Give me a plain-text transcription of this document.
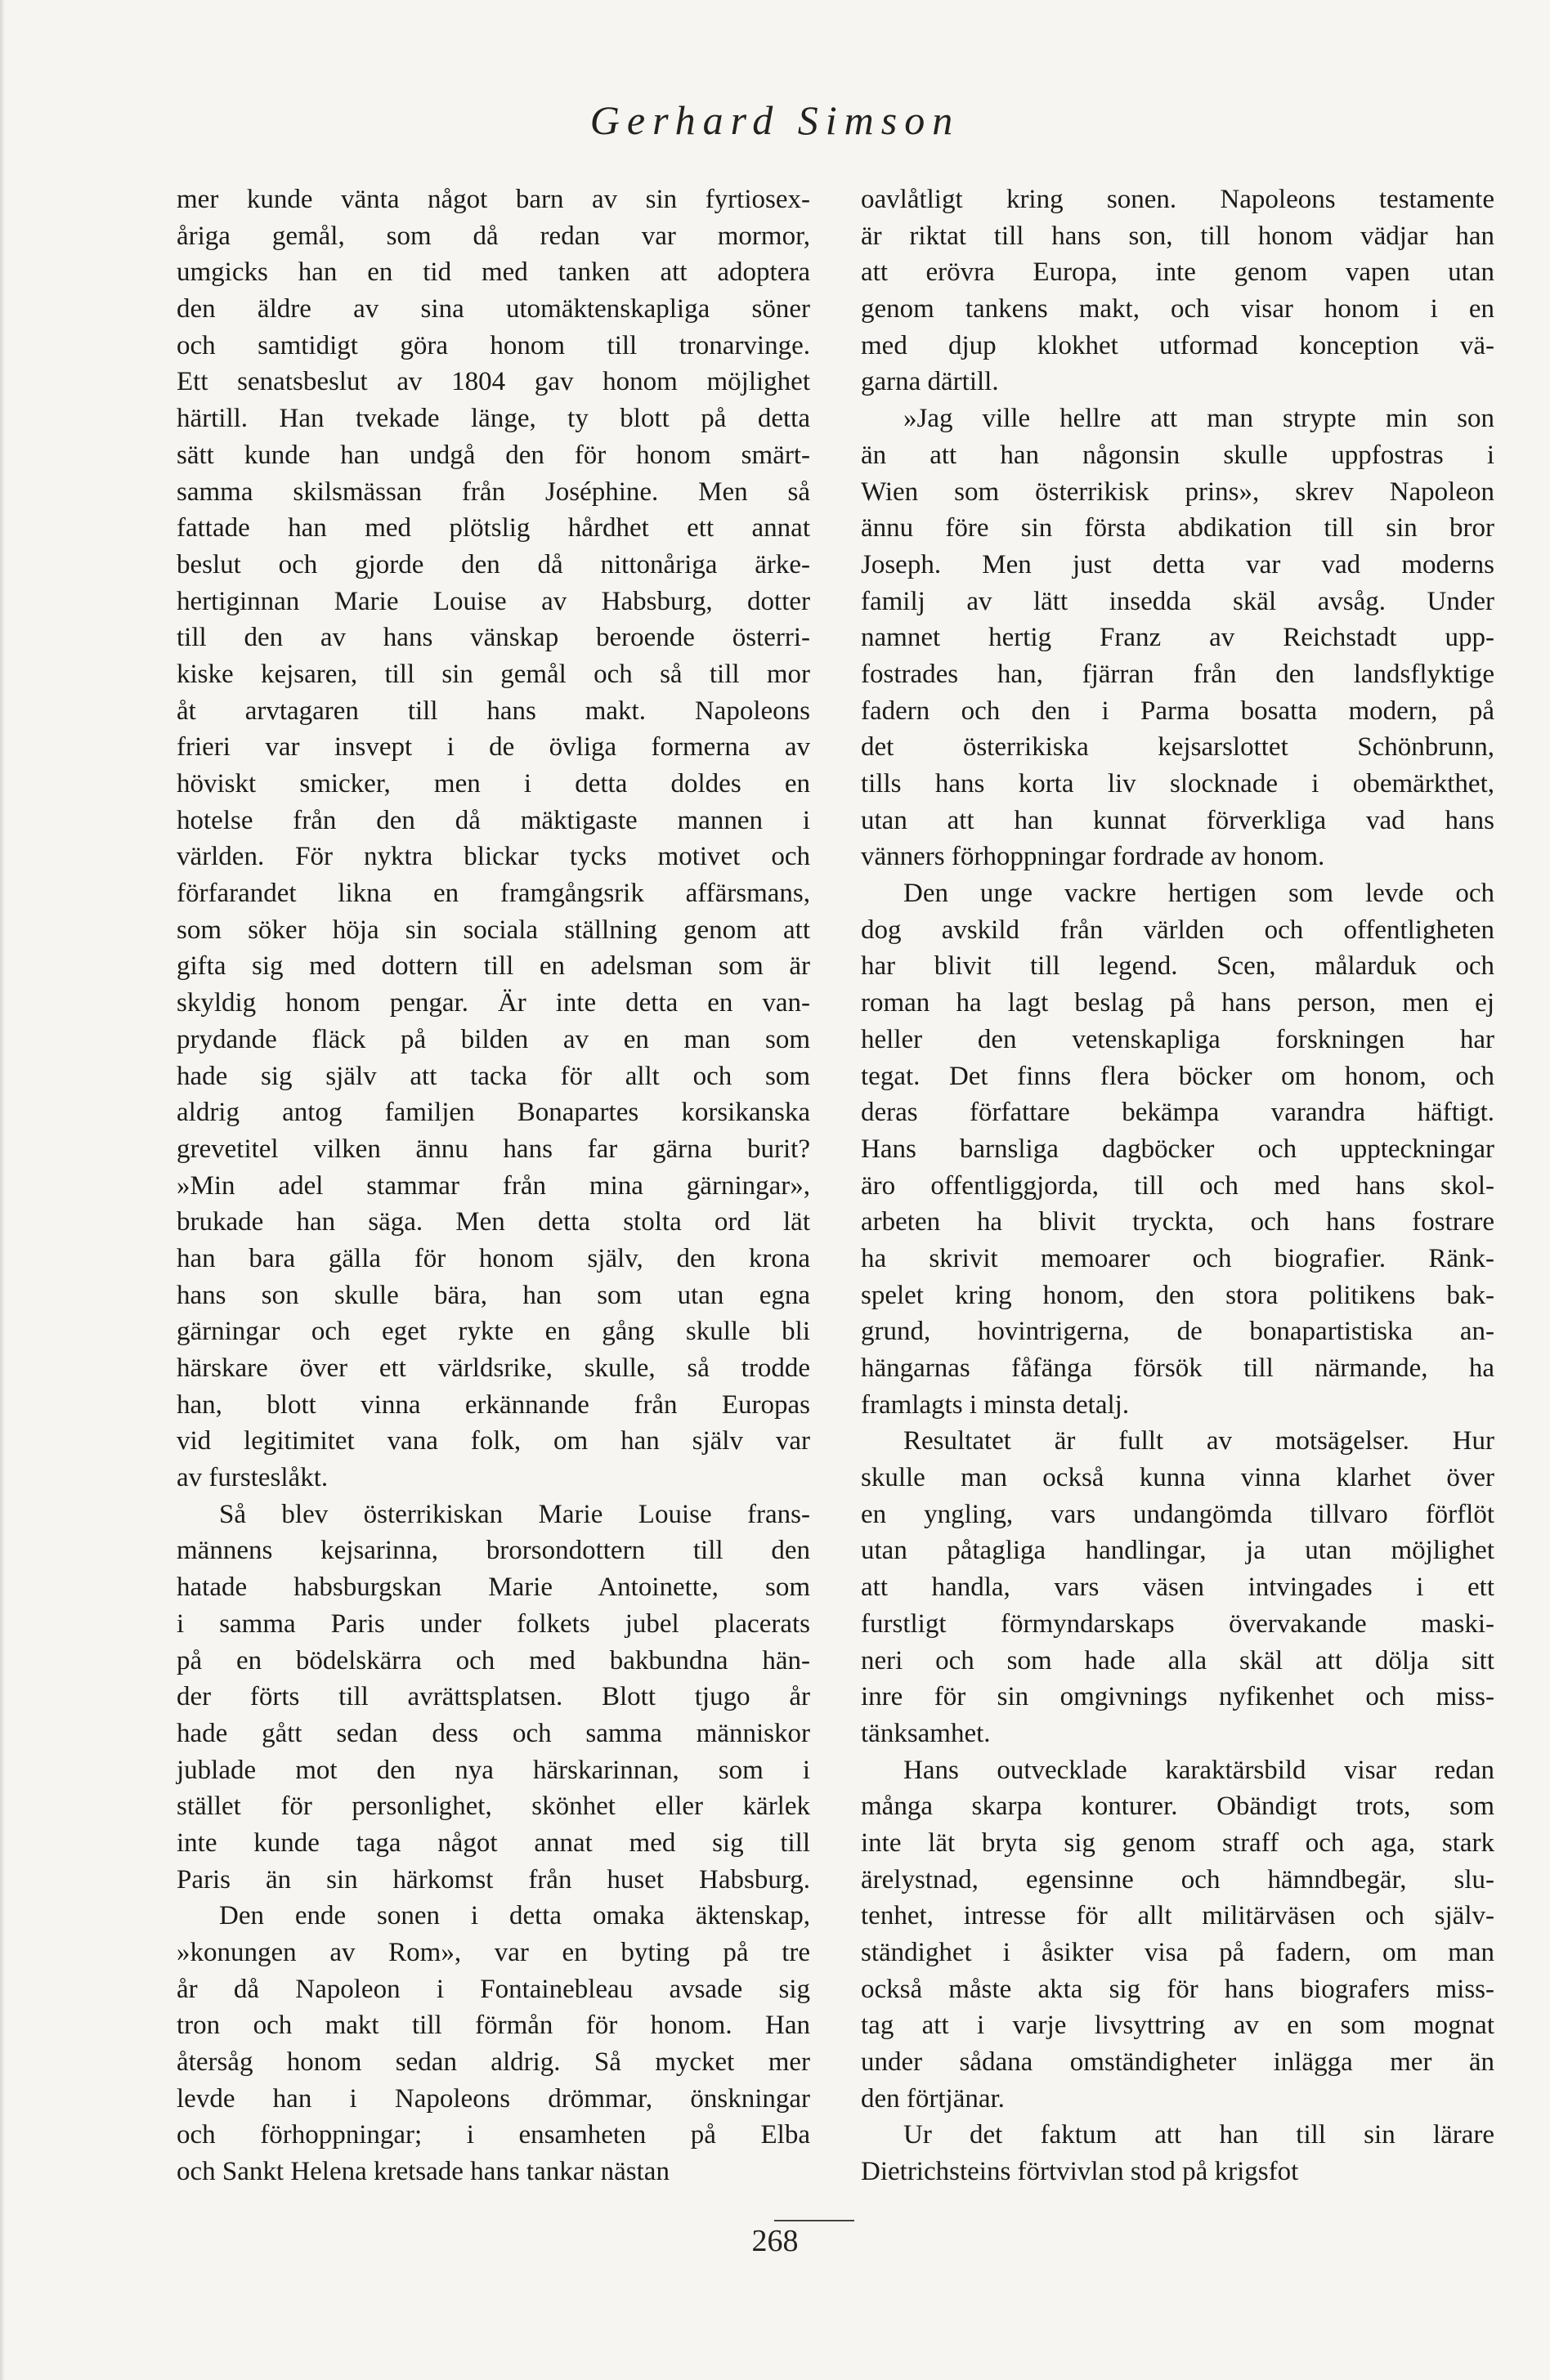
Gerhard Simson
mer kunde vänta något barn av sin fyrtiosex-
åriga gemål, som då redan var mormor,
umgicks han en tid med tanken att adoptera
den äldre av sina utomäktenskapliga söner
och samtidigt göra honom till tronarvinge.
Ett senatsbeslut av 1804 gav honom möjlighet
härtill. Han tvekade länge, ty blott på detta
sätt kunde han undgå den för honom smärt-
samma skilsmässan från Joséphine. Men så
fattade han med plötslig hårdhet ett annat
beslut och gjorde den då nittonåriga ärke-
hertiginnan Marie Louise av Habsburg, dotter
till den av hans vänskap beroende österri-
kiske kejsaren, till sin gemål och så till mor
åt arvtagaren till hans makt. Napoleons
frieri var insvept i de övliga formerna av
höviskt smicker, men i detta doldes en
hotelse från den då mäktigaste mannen i
världen. För nyktra blickar tycks motivet och
förfarandet likna en framgångsrik affärsmans,
som söker höja sin sociala ställning genom att
gifta sig med dottern till en adelsman som är
skyldig honom pengar. Är inte detta en van-
prydande fläck på bilden av en man som
hade sig själv att tacka för allt och som
aldrig antog familjen Bonapartes korsikanska
grevetitel vilken ännu hans far gärna burit?
»Min adel stammar från mina gärningar»,
brukade han säga. Men detta stolta ord lät
han bara gälla för honom själv, den krona
hans son skulle bära, han som utan egna
gärningar och eget rykte en gång skulle bli
härskare över ett världsrike, skulle, så trodde
han, blott vinna erkännande från Europas
vid legitimitet vana folk, om han själv var
av fursteslåkt.
Så blev österrikiskan Marie Louise frans-
männens kejsarinna, brorsondottern till den
hatade habsburgskan Marie Antoinette, som
i samma Paris under folkets jubel placerats
på en bödelskärra och med bakbundna hän-
der förts till avrättsplatsen. Blott tjugo år
hade gått sedan dess och samma människor
jublade mot den nya härskarinnan, som i
stället för personlighet, skönhet eller kärlek
inte kunde taga något annat med sig till
Paris än sin härkomst från huset Habsburg.
Den ende sonen i detta omaka äktenskap,
»konungen av Rom», var en byting på tre
år då Napoleon i Fontainebleau avsade sig
tron och makt till förmån för honom. Han
återsåg honom sedan aldrig. Så mycket mer
levde han i Napoleons drömmar, önskningar
och förhoppningar; i ensamheten på Elba
och Sankt Helena kretsade hans tankar nästan
oavlåtligt kring sonen. Napoleons testamente
är riktat till hans son, till honom vädjar han
att erövra Europa, inte genom vapen utan
genom tankens makt, och visar honom i en
med djup klokhet utformad konception vä-
garna därtill.
»Jag ville hellre att man strypte min son
än att han någonsin skulle uppfostras i
Wien som österrikisk prins», skrev Napoleon
ännu före sin första abdikation till sin bror
Joseph. Men just detta var vad moderns
familj av lätt insedda skäl avsåg. Under
namnet hertig Franz av Reichstadt upp-
fostrades han, fjärran från den landsflyktige
fadern och den i Parma bosatta modern, på
det österrikiska kejsarslottet Schönbrunn,
tills hans korta liv slocknade i obemärkthet,
utan att han kunnat förverkliga vad hans
vänners förhoppningar fordrade av honom.
Den unge vackre hertigen som levde och
dog avskild från världen och offentligheten
har blivit till legend. Scen, målarduk och
roman ha lagt beslag på hans person, men ej
heller den vetenskapliga forskningen har
tegat. Det finns flera böcker om honom, och
deras författare bekämpa varandra häftigt.
Hans barnsliga dagböcker och uppteckningar
äro offentliggjorda, till och med hans skol-
arbeten ha blivit tryckta, och hans fostrare
ha skrivit memoarer och biografier. Ränk-
spelet kring honom, den stora politikens bak-
grund, hovintrigerna, de bonapartistiska an-
hängarnas fåfänga försök till närmande, ha
framlagts i minsta detalj.
Resultatet är fullt av motsägelser. Hur
skulle man också kunna vinna klarhet över
en yngling, vars undangömda tillvaro förflöt
utan påtagliga handlingar, ja utan möjlighet
att handla, vars väsen intvingades i ett
furstligt förmyndarskaps övervakande maski-
neri och som hade alla skäl att dölja sitt
inre för sin omgivnings nyfikenhet och miss-
tänksamhet.
Hans outvecklade karaktärsbild visar redan
många skarpa konturer. Obändigt trots, som
inte lät bryta sig genom straff och aga, stark
ärelystnad, egensinne och hämndbegär, slu-
tenhet, intresse för allt militärväsen och själv-
ständighet i åsikter visa på fadern, om man
också måste akta sig för hans biografers miss-
tag att i varje livsyttring av en som mognat
under sådana omständigheter inlägga mer än
den förtjänar.
Ur det faktum att han till sin lärare
Dietrichsteins förtvivlan stod på krigsfot
268
